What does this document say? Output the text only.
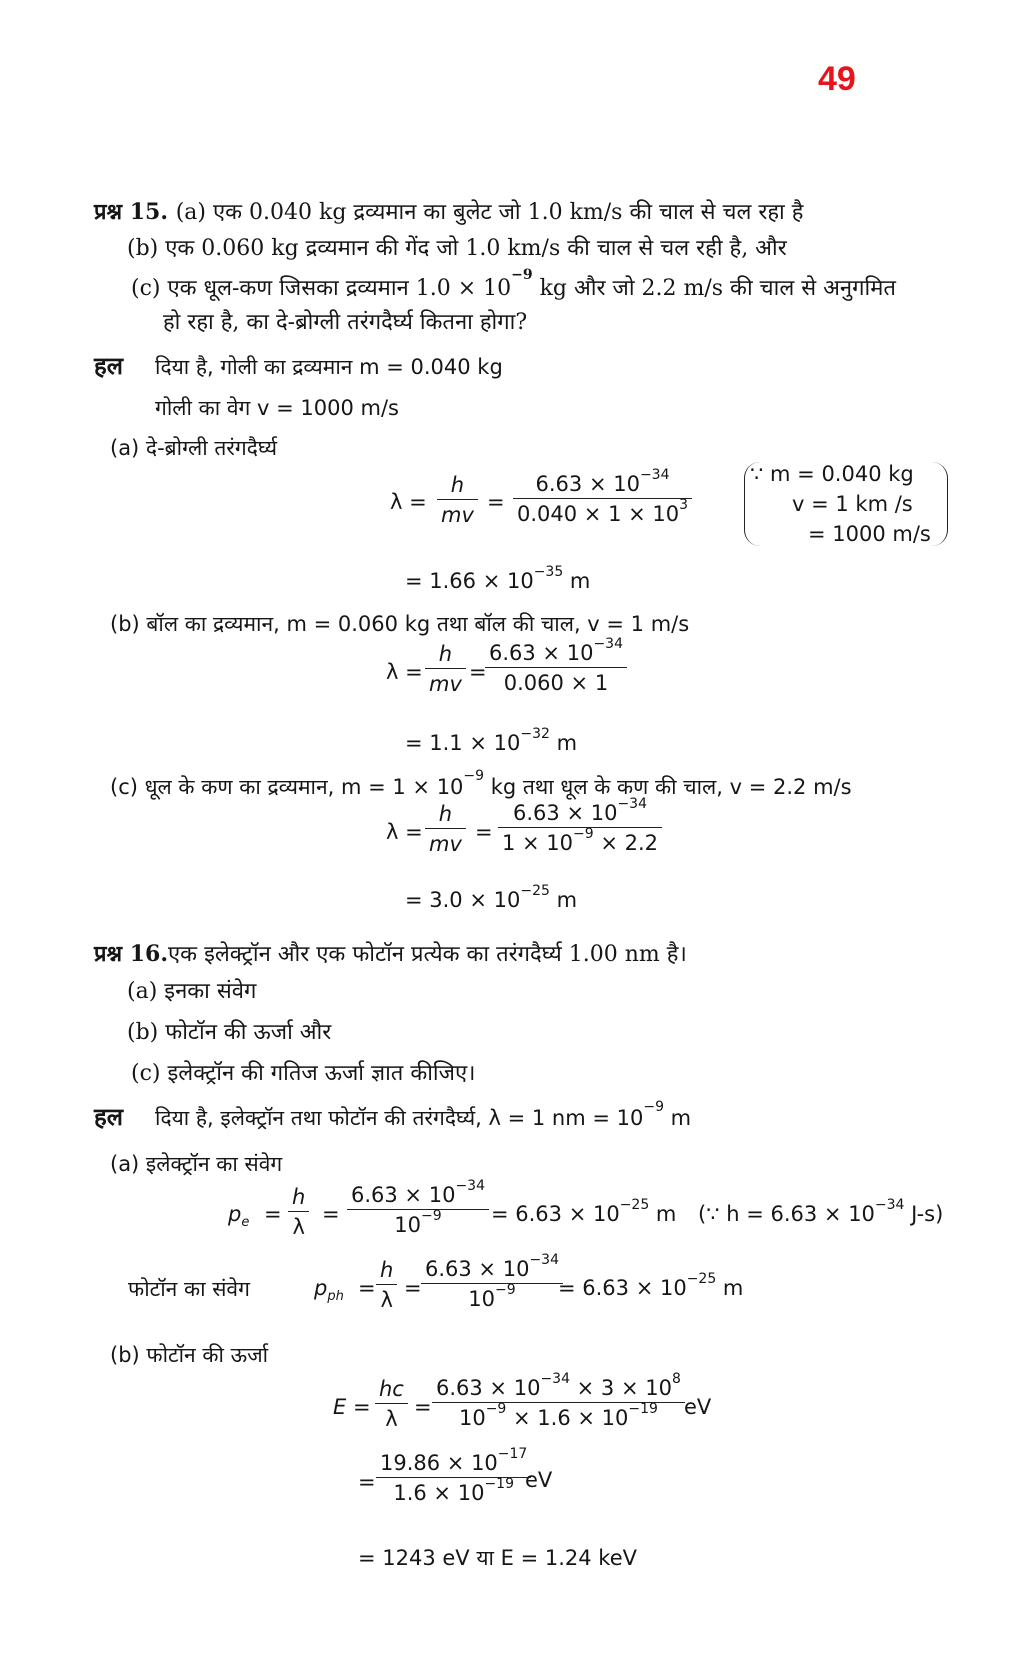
49
प्रश्न 15. (a) एक 0.040 kg द्रव्यमान का बुलेट जो 1.0 km/s की चाल से चल रहा है
(b) एक 0.060 kg द्रव्यमान की गेंद जो 1.0 km/s की चाल से चल रही है, और
(c) एक धूल-कण जिसका द्रव्यमान $1.0 \times 10^{-9}$ kg और जो 2.2 m/s की चाल से अनुगमित
हो रहा है, का दे-ब्रोग्ली तरंगदैर्घ्य कितना होगा?
हल दिया है, गोली का द्रव्यमान m = 0.040 kg
गोली का वेग v = 1000 m/s
(a) दे-ब्रोग्ली तरंगदैर्घ्य
$\lambda = \frac{h}{mv} = \frac{6.63 \times 10^{-34}}{0.040 \times 1 \times 10^3}$	∵ m = 0.040 kg
v = 1 km /s
= 1000 m/s
= $1.66 \times 10^{-35}$ m
(b) बॉल का द्रव्यमान, m = 0.060 kg तथा बॉल की चाल, v = 1 m/s
$\lambda = \frac{h}{mv}$ =
$\frac{6.63 \times 10^{-34}}{0.060 \times 1}$
= $1.1 \times 10^{-32}$ m
(c) धूल के कण का द्रव्यमान, $m = 1 \times 10^{-9}$ kg तथा धूल के कण की चाल, v = 2.2 m/s
$\lambda = \frac{h}{mv} = \frac{6.63 \times 10^{-34}}{1 \times 10^{-9} \times 2.2}$
= $3.0 \times 10^{-25}$ m
प्रश्न 16.एक इलेक्ट्रॉन और एक फोटॉन प्रत्येक का तरंगदैर्घ्य 1.00 nm है।
(a) इनका संवेग
(b) फोटॉन की ऊर्जा और
(c) इलेक्ट्रॉन की गतिज ऊर्जा ज्ञात कीजिए।
हल दिया है, इलेक्ट्रॉन तथा फोटॉन की तरंगदैर्घ्य, λ = 1 nm = $10^{-9}$ m
(a) इलेक्ट्रॉन का संवेग
$p_e = \frac{h}{\lambda} = \frac{6.63 \times 10^{-34}}{10^{-9}} = 6.63 \times 10^{-25}$ m (∵ $h = 6.63 \times 10^{-34}$ J-s)
फोटॉन का संवेग	$p_{ph} = \frac{h}{\lambda} = \frac{6.63 \times 10^{-34}}{10^{-9}}$
= $6.63 \times 10^{-25}$ m
(b) फोटॉन की ऊर्जा
$E = \frac{hc}{\lambda} = \frac{6.63 \times 10^{-34} \times 3 \times 10^8}{10^{-9} \times 1.6 \times 10^{-19}}$ eV
= $\frac{19.86 \times 10^{-17}}{1.6 \times 10^{-19}}$
eV
= 1243 eV या E = 1.24 keV
